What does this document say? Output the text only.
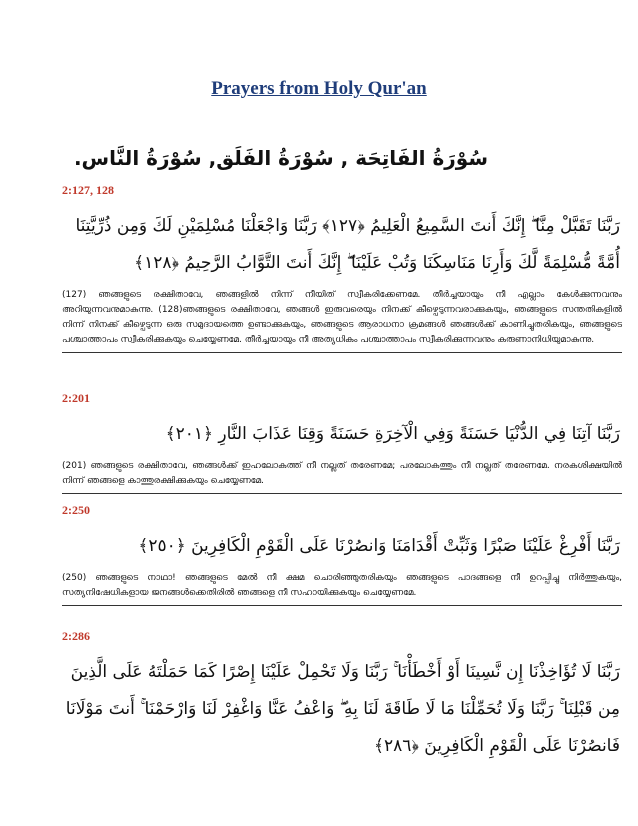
Prayers from Holy Qur'an
سُوْرَةُ الفَاتِحَة , سُوْرَةُ الفَلَق, سُوْرَةُ النَّاس.
2:127, 128
رَبَّنَا تَقَبَّلْ مِنَّا ۖ إِنَّكَ أَنتَ السَّمِيعُ الْعَلِيمُ ﴿١٢٧﴾ رَبَّنَا وَاجْعَلْنَا مُسْلِمَيْنِ لَكَ وَمِن ذُرِّيَّتِنَا أُمَّةً مُّسْلِمَةً لَّكَ وَأَرِنَا مَنَاسِكَنَا وَتُبْ عَلَيْنَا ۖ إِنَّكَ أَنتَ التَّوَّابُ الرَّحِيمُ ﴿١٢٨﴾
(127) ഞങ്ങളുടെ രക്ഷിതാവേ, ഞങ്ങളില്‍ നിന്ന് നീയിത് സ്വീകരിക്കേണമേ. തീര്‍ച്ചയായും നീ എല്ലാം കേള്‍ക്കുന്നവനും അറിയുന്നവനുമാകുന്നു. (128)ഞങ്ങളുടെ രക്ഷിതാവേ, ഞങ്ങള്‍ ഇരുവരെയും നിനക്ക് കീഴ്പെടുന്നവരാക്കുകയും, ഞങ്ങളുടെ സന്തതികളില്‍ നിന്ന് നിനക്ക് കീഴ്പെടുന്ന ഒരു സമുദായത്തെ ഉണ്ടാക്കുകയും, ഞങ്ങളുടെ ആരാധനാ ക്രമങ്ങള്‍ ഞങ്ങള്‍ക്ക് കാണിച്ചുതരികയും, ഞങ്ങളുടെ പശ്ചാത്താപം സ്വീകരിക്കുകയും ചെയ്യേണമേ. തീര്‍ച്ചയായും നീ അത്യധികം പശ്ചാത്താപം സ്വീകരിക്കുന്നവനും കരുണാനിധിയുമാകുന്നു.
2:201
رَبَّنَا آتِنَا فِي الدُّنْيَا حَسَنَةً وَفِي الْآخِرَةِ حَسَنَةً وَقِنَا عَذَابَ النَّارِ ﴿٢٠١﴾
(201) ഞങ്ങളുടെ രക്ഷിതാവേ, ഞങ്ങള്‍ക്ക് ഇഹലോകത്ത് നീ നല്ലത് തരേണമേ; പരലോകത്തും നീ നല്ലത് തരേണമേ. നരകശിക്ഷയില്‍ നിന്ന് ഞങ്ങളെ കാത്തുരക്ഷിക്കുകയും ചെയ്യേണമേ.
2:250
رَبَّنَا أَفْرِغْ عَلَيْنَا صَبْرًا وَثَبِّتْ أَقْدَامَنَا وَانصُرْنَا عَلَى الْقَوْمِ الْكَافِرِينَ ﴿٢٥٠﴾
(250) ഞങ്ങളുടെ നാഥാ! ഞങ്ങളുടെ മേല്‍ നീ ക്ഷമ ചൊരിഞ്ഞുതരികയും ഞങ്ങളുടെ പാദങ്ങളെ നീ ഉറപ്പിച്ചു നിര്‍ത്തുകയും, സത്യനിഷേധികളായ ജനങ്ങള്‍ക്കെതിരില്‍ ഞങ്ങളെ നീ സഹായിക്കുകയും ചെയ്യേണമേ.
2:286
رَبَّنَا لَا تُؤَاخِذْنَا إِن نَّسِينَا أَوْ أَخْطَأْنَا ۚ رَبَّنَا وَلَا تَحْمِلْ عَلَيْنَا إِصْرًا كَمَا حَمَلْتَهُ عَلَى الَّذِينَ مِن قَبْلِنَا ۚ رَبَّنَا وَلَا تُحَمِّلْنَا مَا لَا طَاقَةَ لَنَا بِهِ ۖ وَاعْفُ عَنَّا وَاغْفِرْ لَنَا وَارْحَمْنَا ۚ أَنتَ مَوْلَانَا فَانصُرْنَا عَلَى الْقَوْمِ الْكَافِرِينَ ﴿٢٨٦﴾
